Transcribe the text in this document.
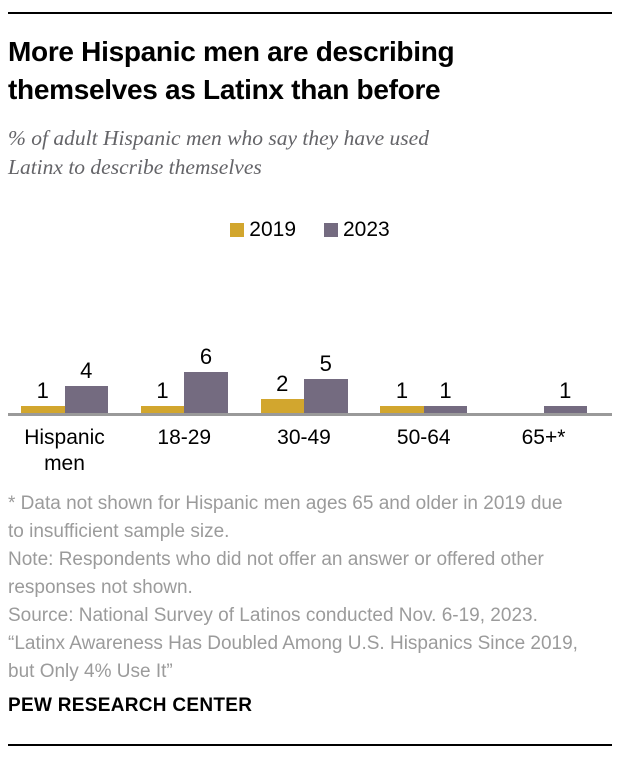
More Hispanic men are describing
themselves as Latinx than before
% of adult Hispanic men who say they have used
Latinx to describe themselves
2019 2023
1
4
1
6
2
5
1 1	1
Hispanic men
18-29	30-49	50-64	65+*
* Data not shown for Hispanic men ages 65 and older in 2019 due
to insufficient sample size.
Note: Respondents who did not offer an answer or offered other
responses not shown.
Source: National Survey of Latinos conducted Nov. 6-19, 2023.
“Latinx Awareness Has Doubled Among U.S. Hispanics Since 2019,
but Only 4% Use It”
PEW RESEARCH CENTER
